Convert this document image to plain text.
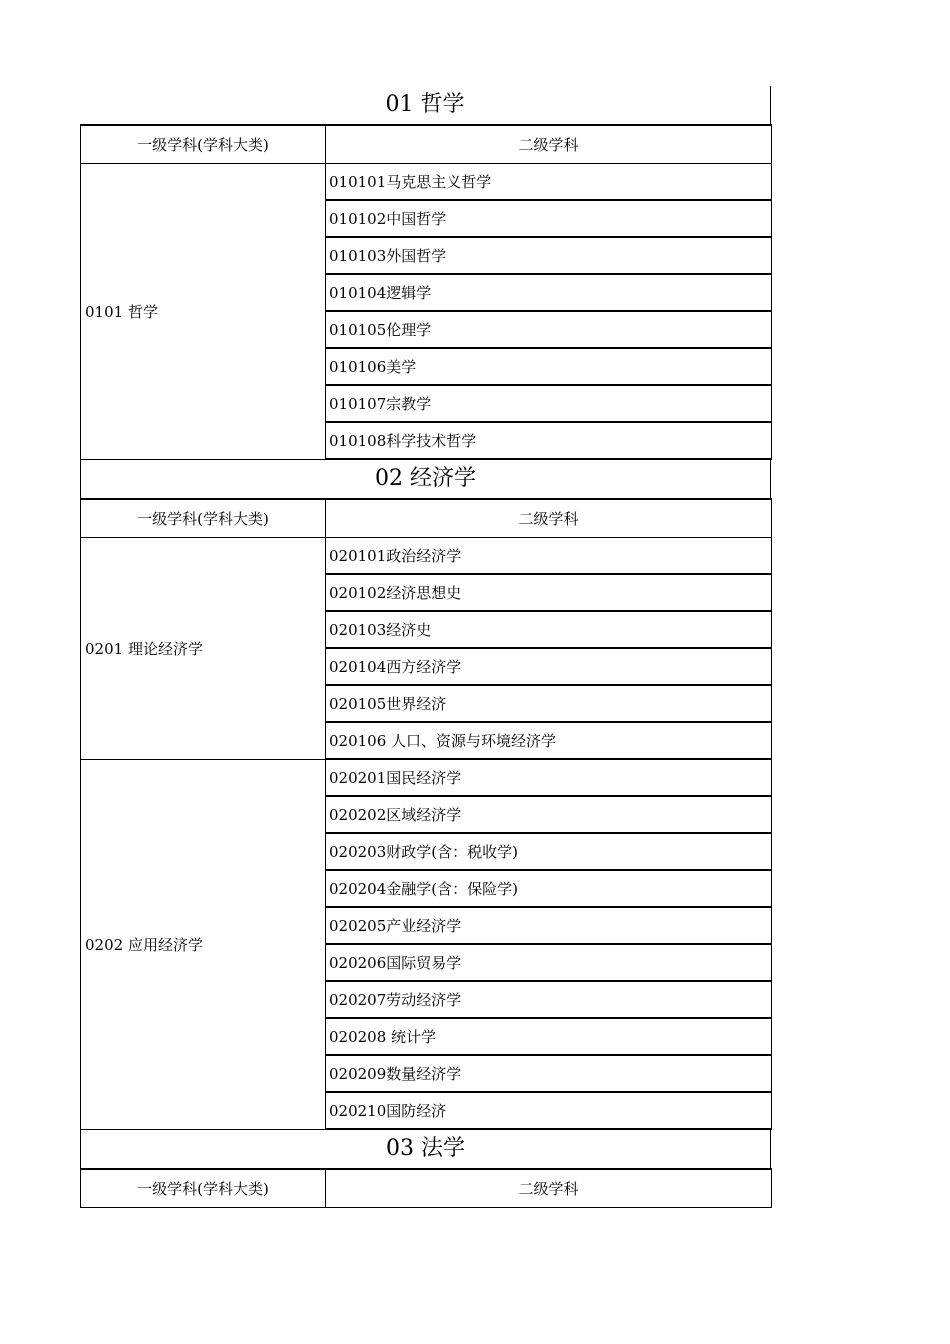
01 哲学
一级学科(学科大类)	二级学科
0101 哲学	010101马克思主义哲学
	010102中国哲学
	010103外国哲学
	010104逻辑学
	010105伦理学
	010106美学
	010107宗教学
	010108科学技术哲学
02 经济学
一级学科(学科大类)	二级学科
0201 理论经济学	020101政治经济学
	020102经济思想史
	020103经济史
	020104西方经济学
	020105世界经济
	020106 人口、资源与环境经济学
0202 应用经济学	020201国民经济学
	020202区域经济学
	020203财政学(含：税收学)
	020204金融学(含：保险学)
	020205产业经济学
	020206国际贸易学
	020207劳动经济学
	020208 统计学
	020209数量经济学
	020210国防经济
03 法学
一级学科(学科大类)	二级学科
